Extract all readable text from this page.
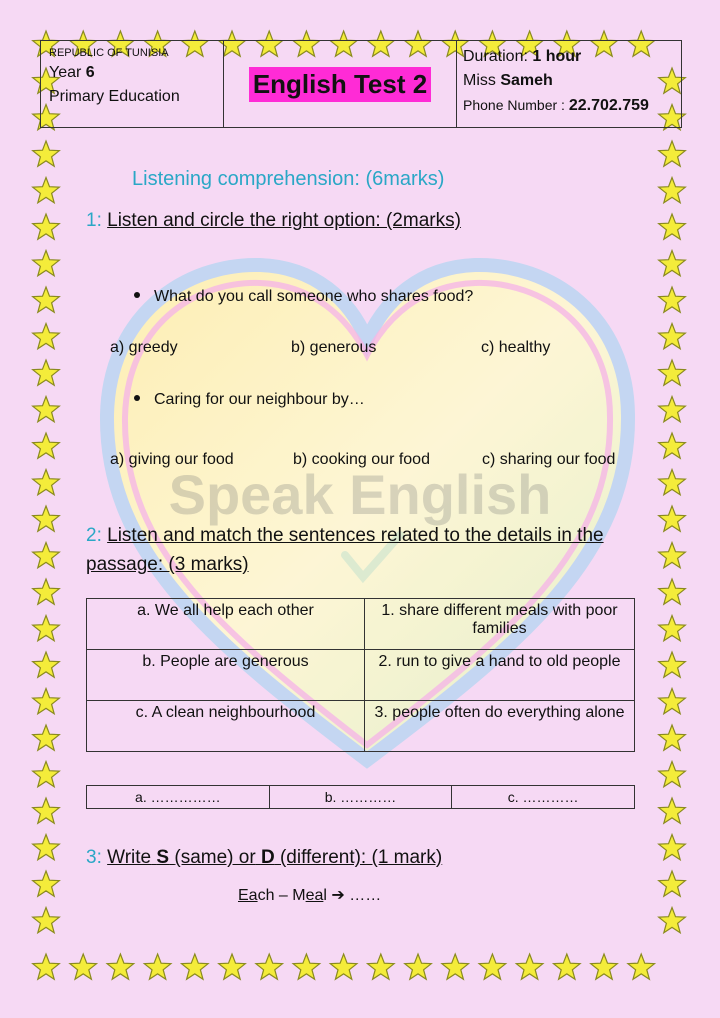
Speak English
REPUBLIC OF TUNISIA
Year 6
Primary Education	English Test 2
Duration: 1 hour
Miss Sameh
Phone Number : 22.702.759
Listening comprehension: (6marks)
1: Listen and circle the right option: (2marks)
What do you call someone who shares food?
a) greedy	b) generous	c) healthy
Caring for our neighbour by…
a) giving our food	b) cooking our food	c) sharing our food
2: Listen and match the sentences related to the details in the
passage: (3 marks)
a. We all help each other	1. share different meals with poor families
b. People are generous	2. run to give a hand to old people
c. A clean neighbourhood	3. people often do everything alone
a. ……………	b. …………	c. …………
3: Write S (same) or D (different): (1 mark)
Each – Meal ➔ ……
